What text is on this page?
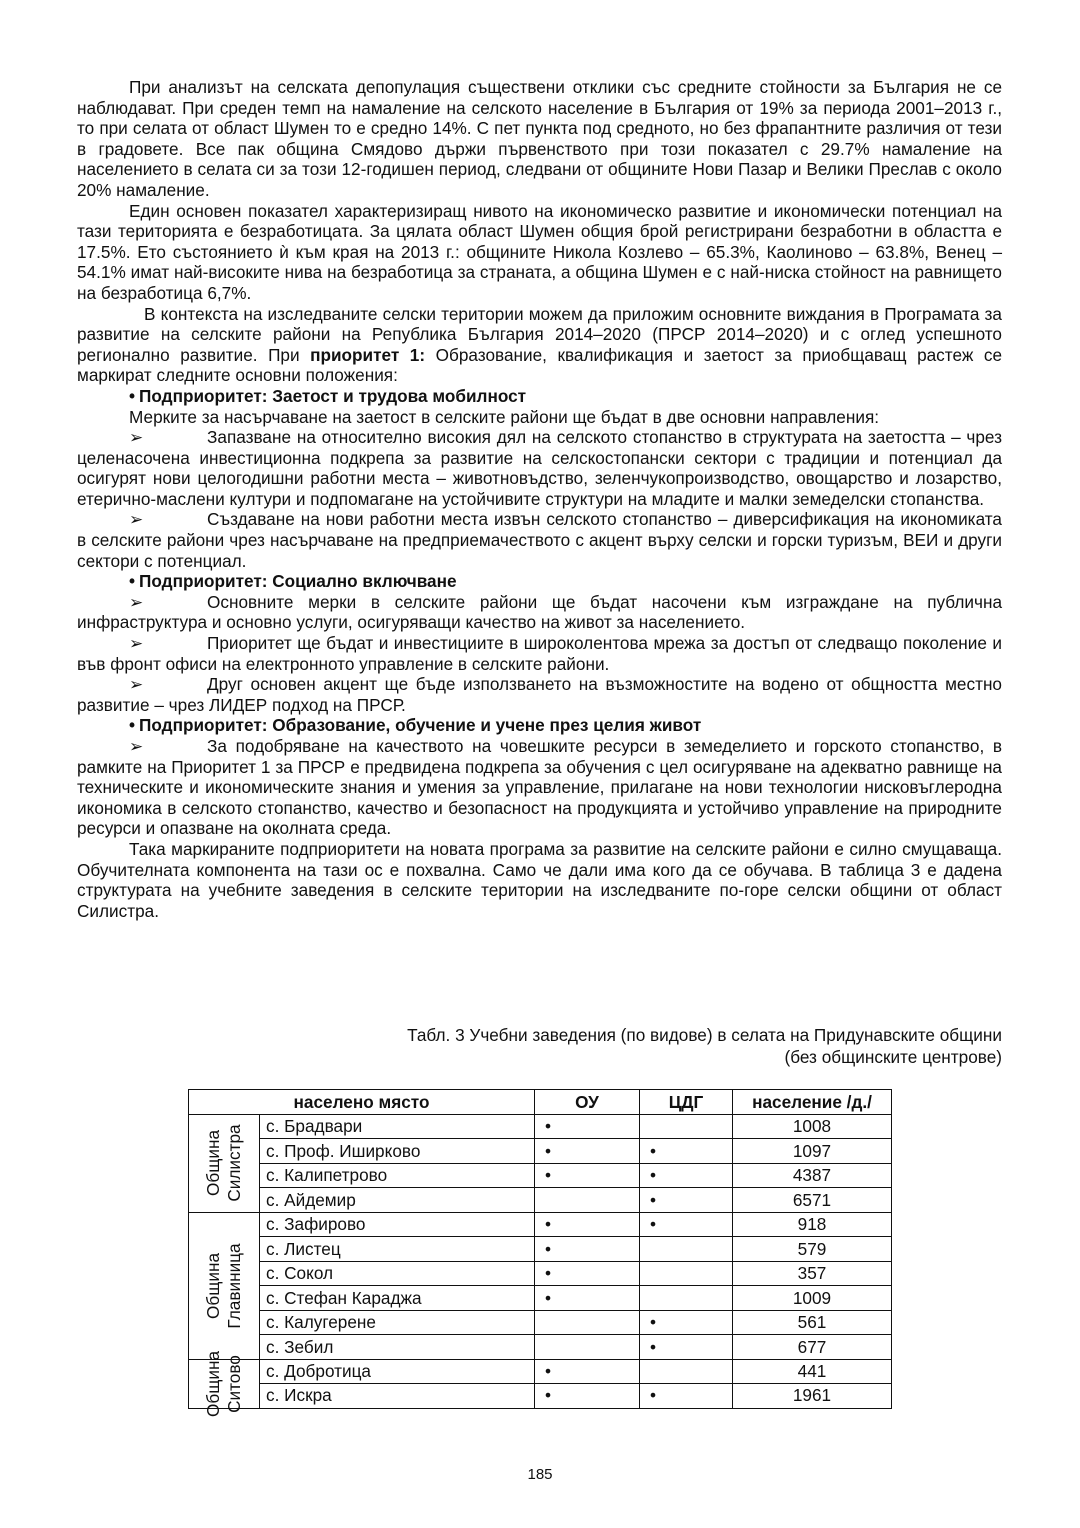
При анализът на селската депопулация съществени отклики със средните стойности за България не се наблюдават. При среден темп на намаление на селското население в България от 19% за периода 2001–2013 г., то при селата от област Шумен то е средно 14%. С пет пункта под средното, но без фрапантните различия от тези в градовете. Все пак община Смядово държи първенството при този показател с 29.7% намаление на населението в селата си за този 12-годишен период, следвани от общините Нови Пазар и Велики Преслав с около 20% намаление.

Един основен показател характеризиращ нивото на икономическо развитие и икономически потенциал на тази територията е безработицата. За цялата област Шумен общия брой регистрирани безработни в областта е 17.5%. Ето състоянието ѝ към края на 2013 г.: общините Никола Козлево – 65.3%, Каолиново – 63.8%, Венец – 54.1% имат най-високите нива на безработица за страната, а община Шумен е с най-ниска стойност на равнището на безработица 6,7%.

В контекста на изследваните селски територии можем да приложим основните виждания в Програмата за развитие на селските райони на Република България 2014–2020 (ПРСР 2014–2020) и с оглед успешното регионално развитие. При приоритет 1: Образование, квалификация и заетост за приобщаващ растеж се маркират следните основни положения:

• Подприоритет: Заетост и трудова мобилност

Мерките за насърчаване на заетост в селските райони ще бъдат в две основни направления:

➢	Запазване на относително високия дял на селското стопанство в структурата на заетостта – чрез целенасочена инвестиционна подкрепа за развитие на селскостопански сектори с традиции и потенциал да осигурят нови целогодишни работни места – животновъдство, зеленчукопроизводство, овощарство и лозарство, етерично-маслени култури и подпомагане на устойчивите структури на младите и малки земеделски стопанства.

➢	Създаване на нови работни места извън селското стопанство – диверсификация на икономиката в селските райони чрез насърчаване на предприемачеството с акцент върху селски и горски туризъм, ВЕИ и други сектори с потенциал.

• Подприоритет: Социално включване

➢	Основните мерки в селските райони ще бъдат насочени към изграждане на публична инфраструктура и основно услуги, осигуряващи качество на живот за населението.

➢	Приоритет ще бъдат и инвестициите в широколентова мрежа за достъп от следващо поколение и във фронт офиси на електронното управление в селските райони.

➢	Друг основен акцент ще бъде използването на възможностите на водено от общността местно развитие – чрез ЛИДЕР подход на ПРСР.

• Подприоритет: Образование, обучение и учене през целия живот

➢	За подобряване на качеството на човешките ресурси в земеделието и горското стопанство, в рамките на Приоритет 1 за ПРСР е предвидена подкрепа за обучения с цел осигуряване на адекватно равнище на техническите и икономическите знания и умения за управление, прилагане на нови технологии нисковъглеродна икономика в селското стопанство, качество и безопасност на продукцията и устойчиво управление на природните ресурси и опазване на околната среда.

Така маркираните подприоритети на новата програма за развитие на селските райони е силно смущаваща. Обучителната компонента на тази ос е похвална. Само че дали има кого да се обучава. В таблица 3 е дадена структурата на учебните заведения в селските територии на изследваните по-горе селски общини от област Силистра.

Табл. 3 Учебни заведения (по видове) в селата на Придунавските общини
(без общинските центрове)
населено място		ОУ	ЦДГ	население /д./

Община Силистра	с. Брадвари	•		1008
	с. Проф. Иширково	•	•	1097
	с. Калипетрово	•	•	4387
	с. Айдемир		•	6571

Община Главиница	с. Зафирово	•	•	918
	с. Листец	•		579
	с. Сокол	•		357
	с. Стефан Караджа	•		1009
	с. Калугерене		•	561
	с. Зебил		•	677

Община Ситово	с. Добротица	•		441
	с. Искра	•	•	1961
185
